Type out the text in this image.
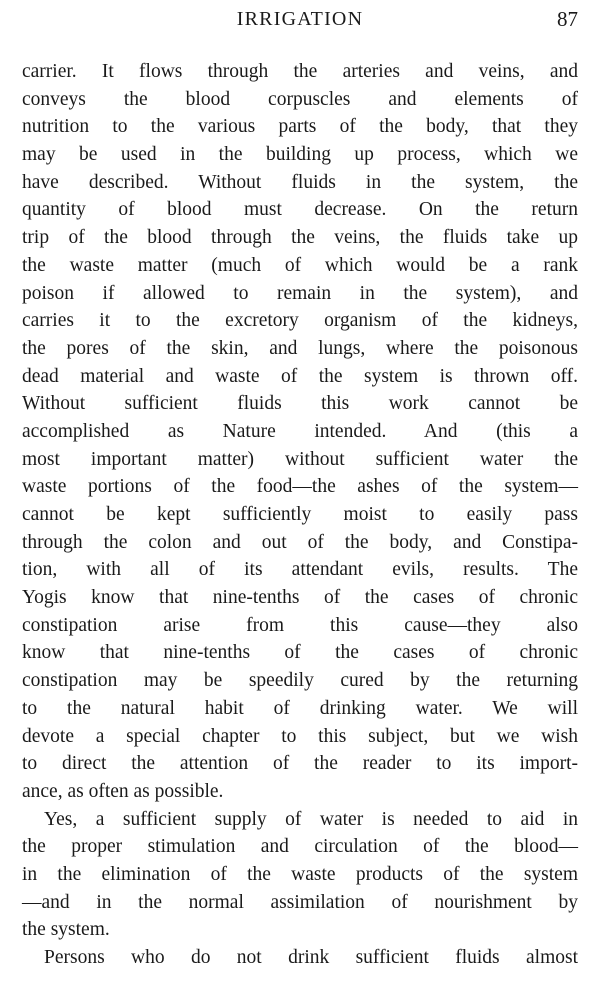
IRRIGATION	87
carrier. It flows through the arteries and veins, and
conveys the blood corpuscles and elements of
nutrition to the various parts of the body, that they
may be used in the building up process, which we
have described. Without fluids in the system, the
quantity of blood must decrease. On the return
trip of the blood through the veins, the fluids take up
the waste matter (much of which would be a rank
poison if allowed to remain in the system), and
carries it to the excretory organism of the kidneys,
the pores of the skin, and lungs, where the poisonous
dead material and waste of the system is thrown off.
Without sufficient fluids this work cannot be
accomplished as Nature intended. And (this a
most important matter) without sufficient water the
waste portions of the food—the ashes of the system—
cannot be kept sufficiently moist to easily pass
through the colon and out of the body, and Constipa-
tion, with all of its attendant evils, results. The
Yogis know that nine-tenths of the cases of chronic
constipation arise from this cause—they also
know that nine-tenths of the cases of chronic
constipation may be speedily cured by the returning
to the natural habit of drinking water. We will
devote a special chapter to this subject, but we wish
to direct the attention of the reader to its import-
ance, as often as possible.
Yes, a sufficient supply of water is needed to aid in
the proper stimulation and circulation of the blood—
in the elimination of the waste products of the system
—and in the normal assimilation of nourishment by
the system.
Persons who do not drink sufficient fluids almost
